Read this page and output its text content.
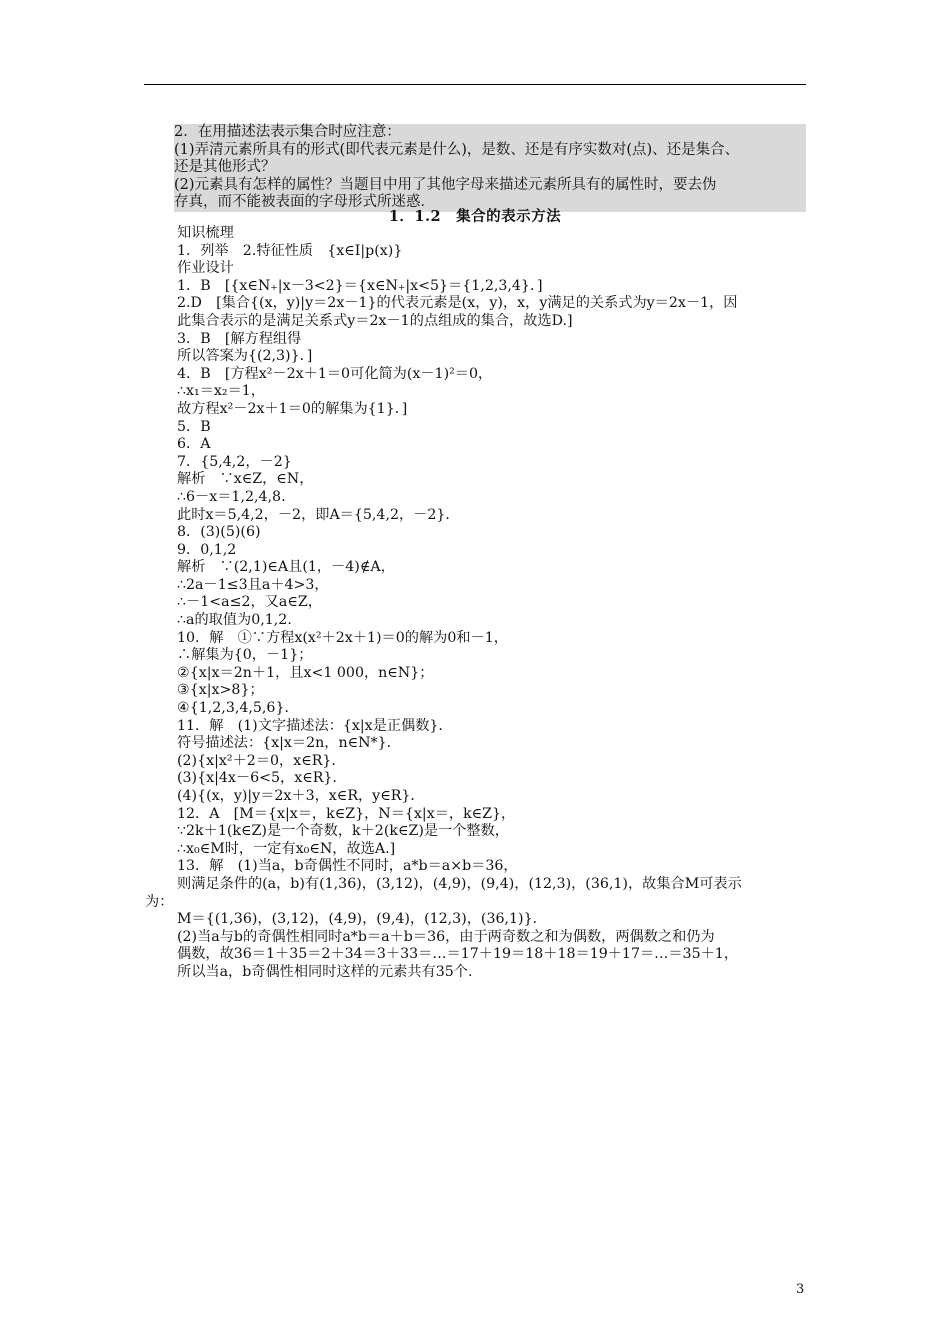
2．在用描述法表示集合时应注意：
(1)弄清元素所具有的形式(即代表元素是什么)，是数、还是有序实数对(点)、还是集合、
还是其他形式？
(2)元素具有怎样的属性？当题目中用了其他字母来描述元素所具有的属性时，要去伪
存真，而不能被表面的字母形式所迷惑．
1．1.2　集合的表示方法
知识梳理
1．列举　2.特征性质　{x∈I|p(x)}
作业设计
1．B　[{x∈N₊|x－3<2}＝{x∈N₊|x<5}＝{1,2,3,4}．]
2.D　[集合{(x，y)|y＝2x－1}的代表元素是(x，y)，x，y满足的关系式为y＝2x－1，因
此集合表示的是满足关系式y＝2x－1的点组成的集合，故选D.]
3．B　[解方程组得
所以答案为{(2,3)}．]
4．B　[方程x²－2x＋1＝0可化简为(x－1)²＝0，
∴x₁＝x₂＝1，
故方程x²－2x＋1＝0的解集为{1}．]
5．B
6．A
7．{5,4,2，－2}
解析　∵x∈Z，∈N，
∴6－x＝1,2,4,8.
此时x＝5,4,2，－2，即A＝{5,4,2，－2}．
8．(3)(5)(6)
9．0,1,2
解析　∵(2,1)∈A且(1，－4)∉A，
∴2a－1≤3且a＋4>3，
∴－1<a≤2，又a∈Z，
∴a的取值为0,1,2.
10．解　①∵方程x(x²＋2x＋1)＝0的解为0和－1，
∴解集为{0，－1}；
②{x|x＝2n＋1，且x<1 000，n∈N}；
③{x|x>8}；
④{1,2,3,4,5,6}．
11．解　(1)文字描述法：{x|x是正偶数}．
符号描述法：{x|x＝2n，n∈N*}．
(2){x|x²＋2＝0，x∈R}．
(3){x|4x－6<5，x∈R}．
(4){(x，y)|y＝2x＋3，x∈R，y∈R}．
12．A　[M＝{x|x＝，k∈Z}，N＝{x|x＝，k∈Z}，
∵2k＋1(k∈Z)是一个奇数，k＋2(k∈Z)是一个整数，
∴x₀∈M时，一定有x₀∈N，故选A.]
13．解　(1)当a，b奇偶性不同时，a*b＝a×b＝36，
则满足条件的(a，b)有(1,36)，(3,12)，(4,9)，(9,4)，(12,3)，(36,1)，故集合M可表示
为：
M＝{(1,36)，(3,12)，(4,9)，(9,4)，(12,3)，(36,1)}．
(2)当a与b的奇偶性相同时a*b＝a＋b＝36，由于两奇数之和为偶数，两偶数之和仍为
偶数，故36＝1＋35＝2＋34＝3＋33＝…＝17＋19＝18＋18＝19＋17＝…＝35＋1，
所以当a，b奇偶性相同时这样的元素共有35个.
3
